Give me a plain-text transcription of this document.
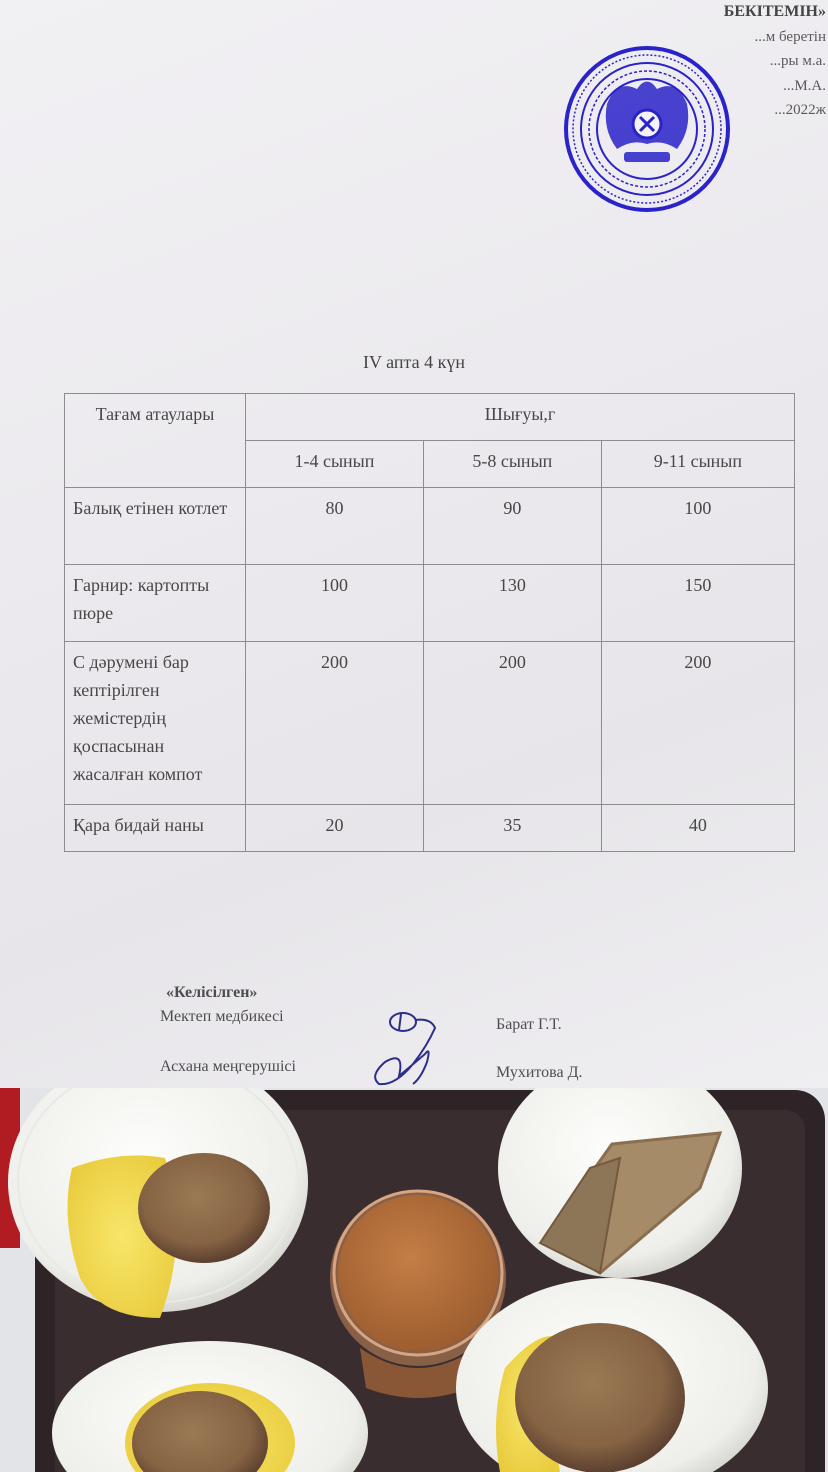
БЕКІТЕМІН»
...м беретін
...ры м.а.
...М.А.
...2022ж
IV апта 4 күн
Тағам атаулары	Шығуы,г		
	1-4 сынып	5-8 сынып	9-11 сынып
Балық етінен котлет	80	90	100
Гарнир: картопты пюре	100	130	150
С дәрумені бар кептірілген жемістердің қоспасынан жасалған компот	200	200	200
Қара бидай наны	20	35	40
«Келісілген»
Мектеп медбикесі	Барат Г.Т.
Асхана меңгерушісі	Мухитова Д.
